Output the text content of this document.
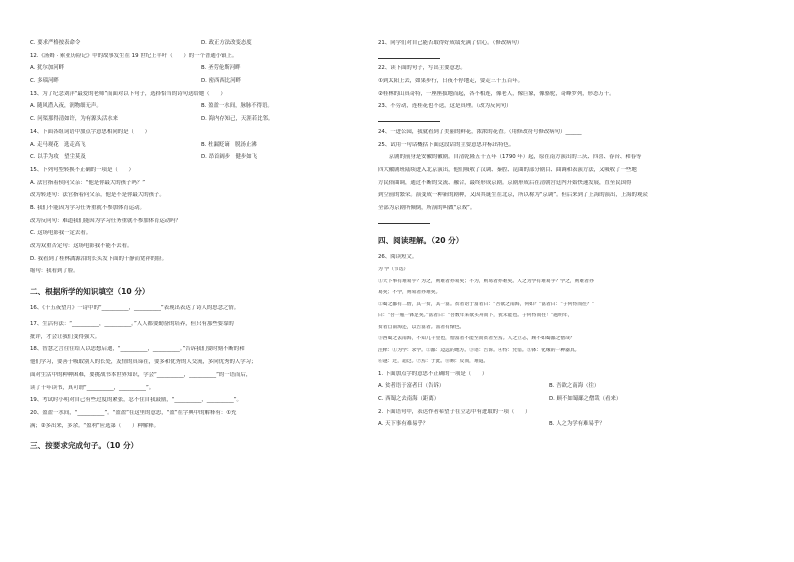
C. 要求严格按表命令	D. 政正方法改变态度
12.《汤姆 · 索亚历险记》中的故事发生在 19 世纪上半叶（　　）的一个普通小镇上。
A. 犹尔加河畔	B. 圣劳伦斯河畔
C. 多瑙河畔	D. 密西西比河畔
13、为了纪念刘洋“最爱的老师”而面对以下句子，选择恰当的诗句送给她（　　）
A. 随风潜入夜，润物细无声。	B. 盈盈一水间，脉脉不得语。
C. 问渠那得清如许，为有源头活水来	D. 海内存知己，天涯若比邻。
14、下面各组词语中加点字意思相同的是（　　）
A. 走马观花　选走高飞	B. 杜漏贬谪　脱汤止沸
C. 以手为攻　望尘莫及	D. 昂首阔步　健步如飞
15、下列句型转换不正确的一项是（　　）
A. 法官指着侯问父亲：“他是你最大的孩子吗？”
改为转述句：法官指着问父亲，他是不是你最大的孩子。
B. 我们不能因为学习任务重就不参加体育运动。
改为反问句：难道我们能因为学习任务重就不参加体育运动吗？
C. 这场电影我一定去看。
改为双重否定句：这场电影我不能不去看。
D. 我看到了桂林漓源泪的长头发下面的干静而宽祥的脸。
缩句：我看到了脸。
二、根据所学的知识填空（10 分）
16、《十五夜望月》一诗中的“__________，__________”表现出表达了诗人的思念之情。
17、生活有法：“__________，__________。”人人都要勤奋的培养，但只有那些要靠的
批评，才会让我们变得强大。
18、智慧之言往往给人以思想启迪，“__________，__________。”告诉我们要时刻不断的和
他们学习，要善于吸取别人的长处，友情的真谛在，要多和优秀的人交流，多向优秀的人学习；
面对生活中的种种困难，要挑战书本世界知识，学会“__________，__________”的一语而后，
读了十年读书，真可谓“__________，__________”。
19、考试时小明对自己有些过度的紧张，忍不住自我鼓励，“__________，__________”。
20、盈盈一水间，“__________”。“盈盈”在这里的意思，“盈”在字典中的解释有：①充
满；②多出来，多余。“盈利”应选第（　　）种解释。
三、按要求完成句子。（10 分）
21、同学们对自己能否取得好成绩充满了信心。（修改病句）
22、读下面的句子，写出主要意思。
①到太阳上去，如果步行，日夜不停地走，要走三千五百年。
②桂林的山真奇特，一座座拔地而起，各不相连，像老人，像巨象，像骆驼，奇峰罗列，形态万千。
23、不劳动，连桂花也不送，这是真理。（改为反问句）
24、一进公园，我就看到了美丽的鲜花，浓浓的花香。（用修改符号修改病句）______
25、试用一句话概括下面这段话的主要意思并标出特色。
　　京剧的前身是安徽的徽剧。自清乾隆五十五年（1790 年）起，原在南方演出的三庆、四喜、春台、和春等
四大徽剧班陆续进入北京演出，他们吸收了汉调、秦腔、昆曲的部分剧目、曲调和表演方法，又吸收了一些地
方民俗曲调，通过不断的交流、融合，最终形成京剧。京剧形成后在清朝宫廷内开始快速发展，直至民国得
到空前的繁荣。演变成一种新的剧种，又因其诞生在北京，所以称为“京调”。但后来到了上海的演出，上海的观众
全部为京剧所倾倒，所演的叫做“京戏”。
四、阅读理解。（20 分）
26、阅读短文。
为 学（节选）
①天下事有难易乎？为之，则难者亦易矣；不为，则易者亦难矣。人之为学有难易乎？学之，则难者亦
易矣；不学，则易者亦难矣。
②蜀之鄙有二僧，其一贫，其一富。贫者语于富者曰：“吾欲之南海，何如？”富者曰：“子何恃而往？”
曰：“吾一瓶一钵足矣。”富者曰：“吾数年来欲买舟而下，犹未能也。子何恃而往！”越明年，
贫者自南海还，以告富者。富者有惭色。
③西蜀之去南海，不知几千里也，僧富者不能至而贫者至焉。人之立志，顾不如蜀鄙之僧哉？
注释：①为学：求学。②鄙：边远的地方。③语：告诉。④恃：凭借。⑤钵：化缘的一种器具。
⑥越：过，超过。⑦焉：于此。⑧顾：反而，难道。
1. 下面加点字的意思不正确的一项是（　　）
A. 贫者语于富者曰（告诉）	B. 吾欲之南海（往）
C. 西蜀之去南海（距离）	D. 顾不如蜀鄙之僧哉（看来）
2. 下面语句中，表达作者希望子在立志中有进取的一项（　　）
A. 天下事有难易乎？	B. 人之为学有难易乎？
